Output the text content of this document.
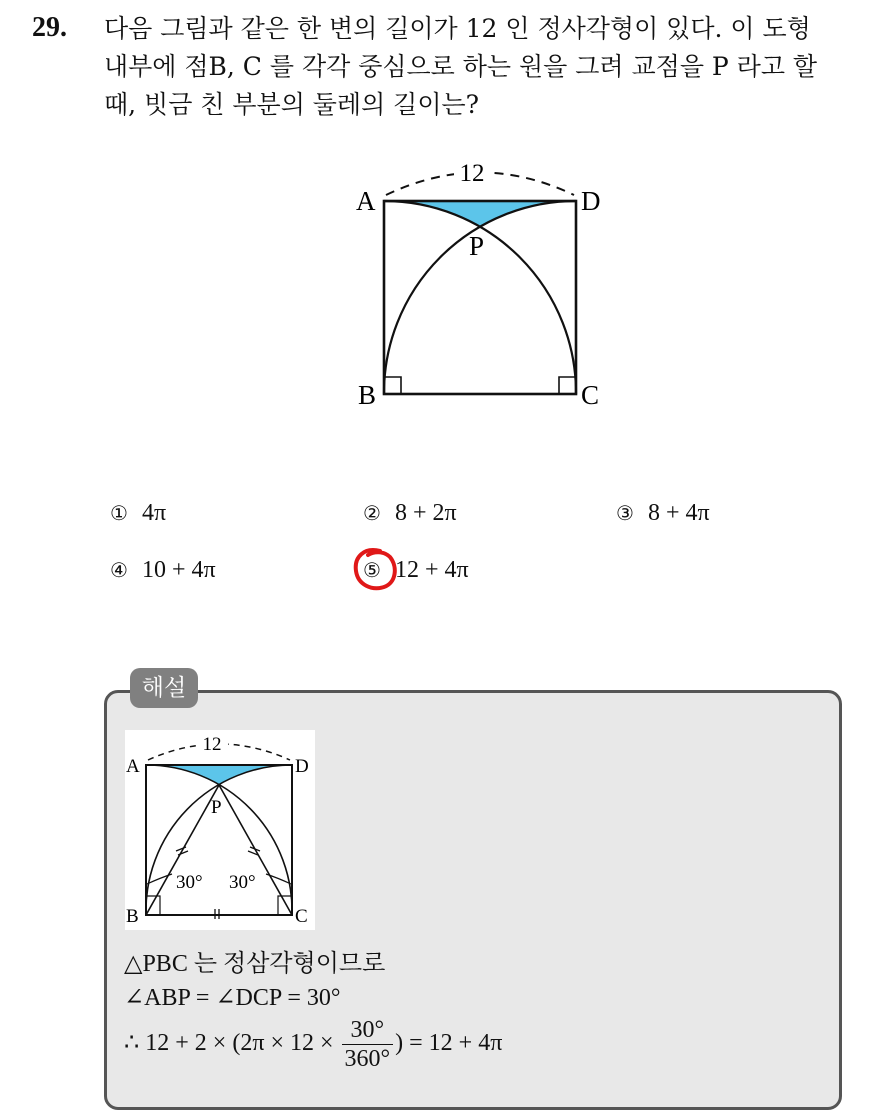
29. 다음 그림과 같은 한 변의 길이가 12 인 정사각형이 있다. 이 도형
내부에 점B, C 를 각각 중심으로 하는 원을 그려 교점을 P 라고 할
때, 빗금 친 부분의 둘레의 길이는?
12
A	D
B	C
P
① 4π	② 8 + 2π	③ 8 + 4π
④ 10 + 4π	⑤ 12 + 4π
해설
12
30° 30°
A	D
B	C
P
△PBC 는 정삼각형이므로
∠ABP = ∠DCP = 30°
∴ $12 + 2 \times (2\pi \times 12 \times \frac{30^\circ}{360^\circ}$ ) = 12 + 4π
